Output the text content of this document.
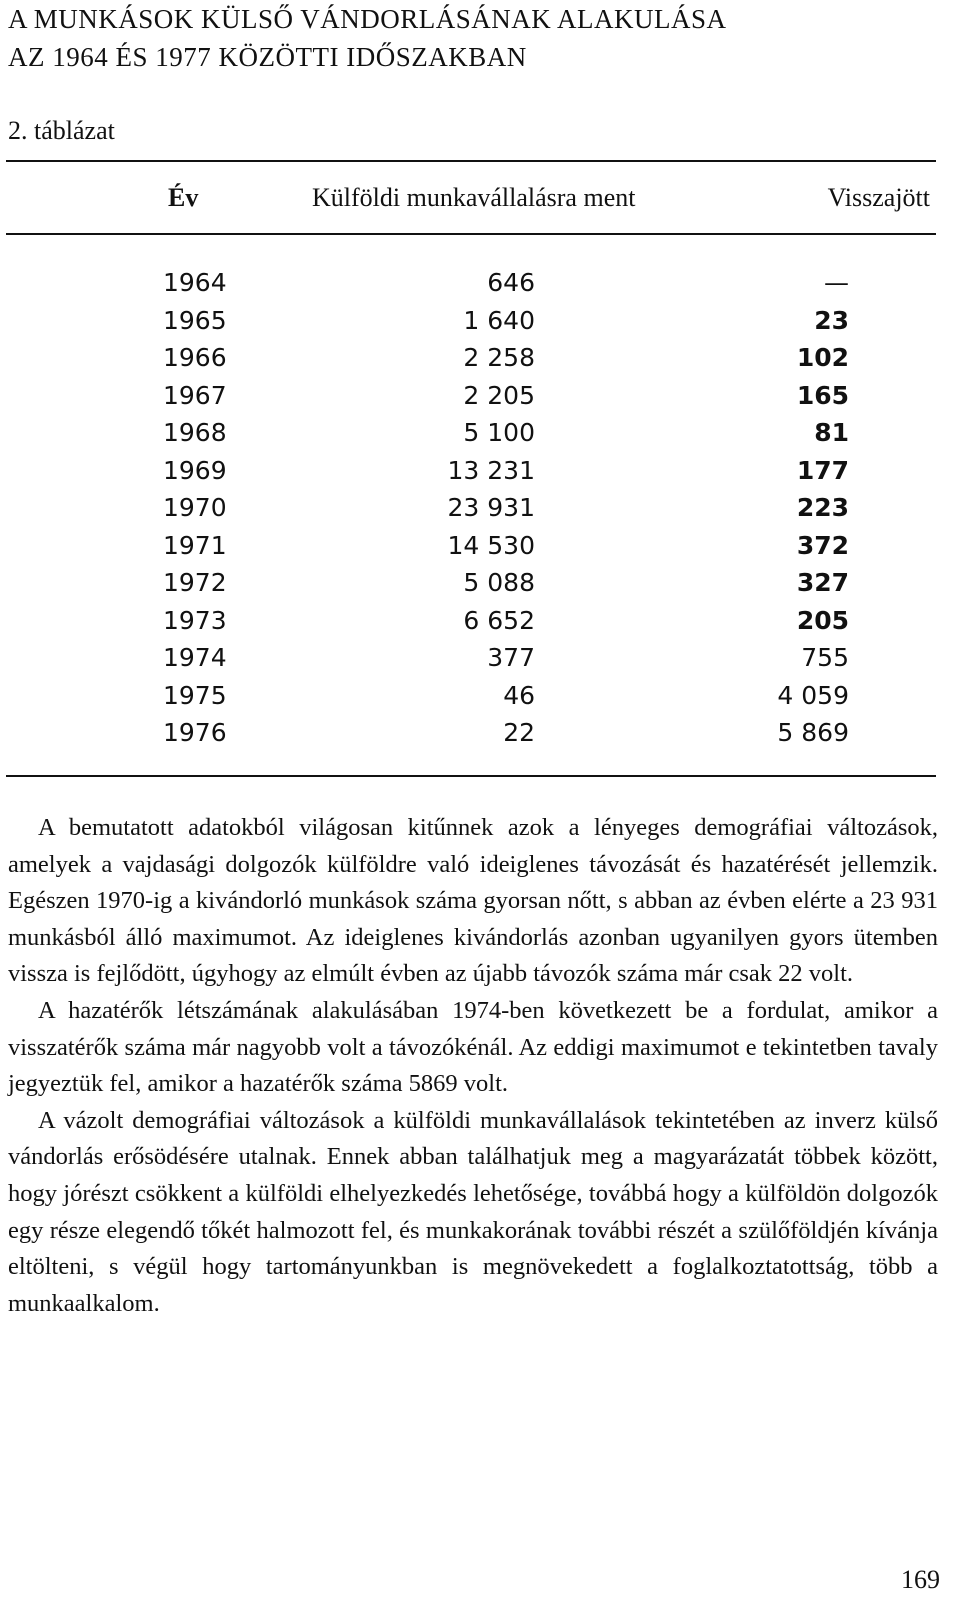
A MUNKÁSOK KÜLSŐ VÁNDORLÁSÁNAK ALAKULÁSA
AZ 1964 ÉS 1977 KÖZÖTTI IDŐSZAKBAN
2. táblázat
Év	Külföldi munkavállalásra ment	Visszajött
1964	646	—
1965	1 640	23
1966	2 258	102
1967	2 205	165
1968	5 100	81
1969	13 231	177
1970	23 931	223
1971	14 530	372
1972	5 088	327
1973	6 652	205
1974	377	755
1975	46	4 059
1976	22	5 869

A bemutatott adatokból világosan kitűnnek azok a lényeges demográfiai változások, amelyek a vajdasági dolgozók külföldre való ideiglenes távozását és hazatérését jellemzik. Egészen 1970-ig a kivándorló munkások száma gyorsan nőtt, s abban az évben elérte a 23 931 munkásból álló maximumot. Az ideiglenes kivándorlás azonban ugyanilyen gyors ütemben vissza is fejlődött, úgyhogy az elmúlt évben az újabb távozók száma már csak 22 volt.

A hazatérők létszámának alakulásában 1974-ben következett be a fordulat, amikor a visszatérők száma már nagyobb volt a távozókénál. Az eddigi maximumot e tekintetben tavaly jegyeztük fel, amikor a hazatérők száma 5869 volt.

A vázolt demográfiai változások a külföldi munkavállalások tekintetében az inverz külső vándorlás erősödésére utalnak. Ennek abban találhatjuk meg a magyarázatát többek között, hogy jórészt csökkent a külföldi elhelyezkedés lehetősége, továbbá hogy a külföldön dolgozók egy része elegendő tőkét halmozott fel, és munkakorának további részét a szülőföldjén kívánja eltölteni, s végül hogy tartományunkban is megnövekedett a foglalkoztatottság, több a munkaalkalom.

169
